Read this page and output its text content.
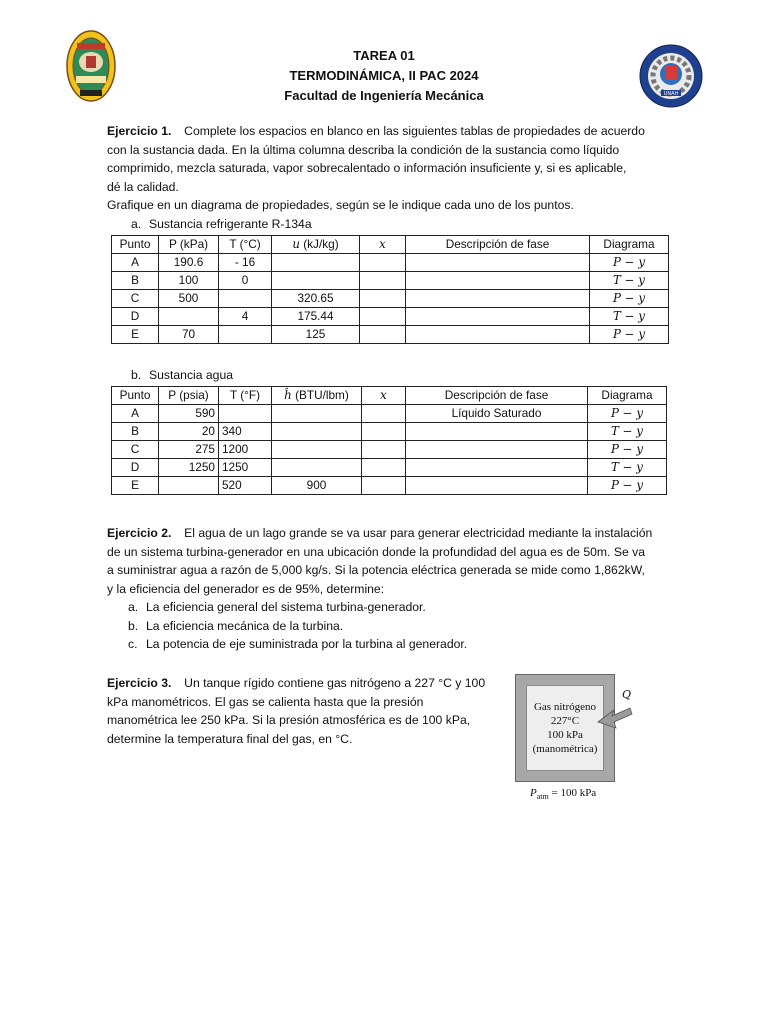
UNAH
TAREA 01
TERMODINÁMICA, II PAC 2024
Facultad de Ingeniería Mecánica
Ejercicio 1. Complete los espacios en blanco en las siguientes tablas de propiedades de acuerdo
con la sustancia dada. En la última columna describa la condición de la sustancia como líquido
comprimido, mezcla saturada, vapor sobrecalentado o información insuficiente y, si es aplicable,
dé la calidad.
Grafique en un diagrama de propiedades, según se le indique cada uno de los puntos.
a. Sustancia refrigerante R-134a
Punto	P (kPa)	T (°C)	u (kJ/kg)	x	Descripción de fase	Diagrama
A	190.6	- 16				P − y
B	100	0				T − y
C	500		320.65			P − y
D		4	175.44			T − y
E	70		125			P − y
b. Sustancia agua
Punto	P (psia)	T (°F)	ĥ (BTU/lbm)	x	Descripción de fase	Diagrama
A	590				Líquido Saturado	P − y
B	20	340				T − y
C	275	1200				P − y
D	1250	1250				T − y
E		520	900			P − y
Ejercicio 2. El agua de un lago grande se va usar para generar electricidad mediante la instalación
de un sistema turbina-generador en una ubicación donde la profundidad del agua es de 50m. Se va
a suministrar agua a razón de 5,000 kg/s. Si la potencia eléctrica generada se mide como 1,862kW,
y la eficiencia del generador es de 95%, determine:
a. La eficiencia general del sistema turbina-generador.
b. La eficiencia mecánica de la turbina.
c. La potencia de eje suministrada por la turbina al generador.
Ejercicio 3. Un tanque rígido contiene gas nitrógeno a 227 °C y 100
kPa manométricos. El gas se calienta hasta que la presión
manométrica lee 250 kPa. Si la presión atmosférica es de 100 kPa,
determine la temperatura final del gas, en °C.
Gas nitrógeno
227°C
100 kPa
(manométrica)
Q
$P_{atm} = 100$ kPa
